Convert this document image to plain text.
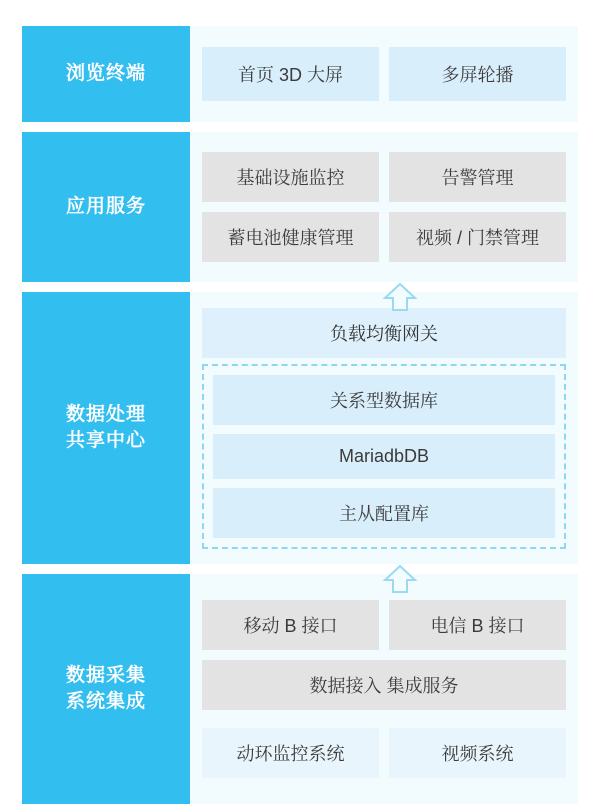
浏览终端	首页 3D 大屏	多屏轮播
应用服务
基础设施监控	告警管理
蓄电池健康管理	视频 / 门禁管理
数据处理
共享中心
负载均衡网关
关系型数据库
MariadbDB
主从配置库
数据采集
系统集成
移动 B 接口	电信 B 接口
数据接入 集成服务
动环监控系统	视频系统
